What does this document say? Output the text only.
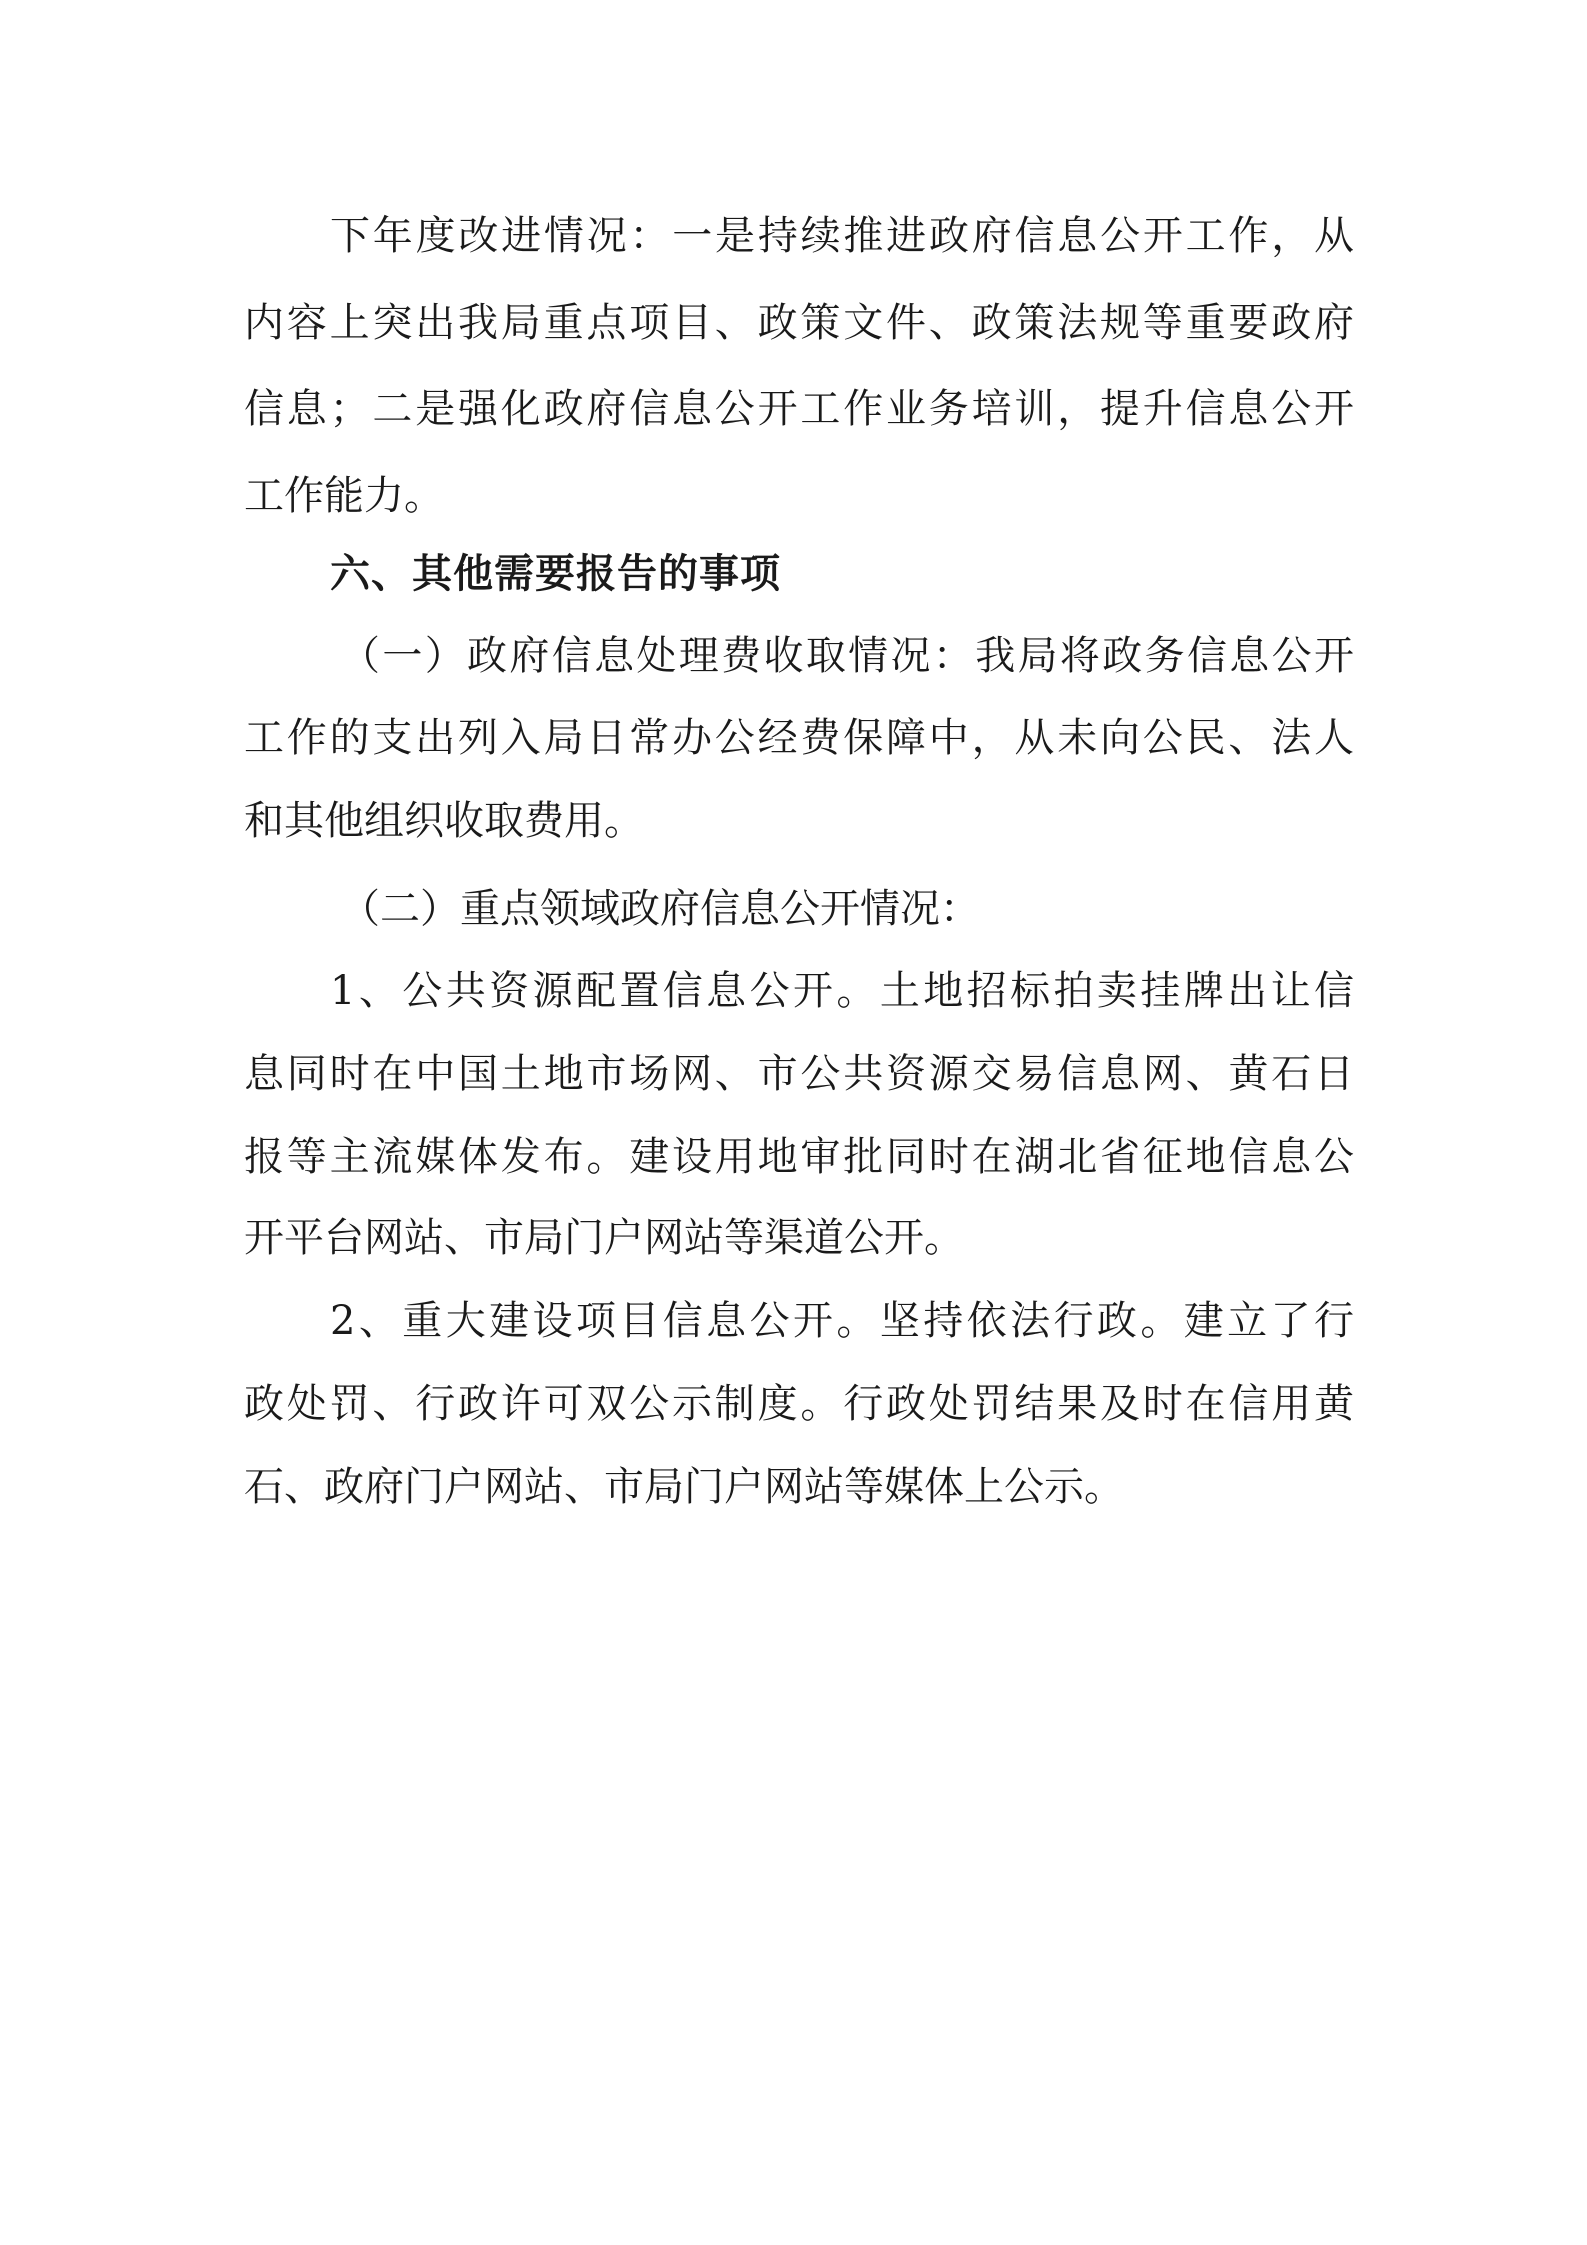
下年度改进情况：一是持续推进政府信息公开工作，从

内容上突出我局重点项目、政策文件、政策法规等重要政府

信息；二是强化政府信息公开工作业务培训，提升信息公开

工作能力。

六、其他需要报告的事项

（一）政府信息处理费收取情况：我局将政务信息公开

工作的支出列入局日常办公经费保障中，从未向公民、法人

和其他组织收取费用。

（二）重点领域政府信息公开情况：

1、公共资源配置信息公开。土地招标拍卖挂牌出让信

息同时在中国土地市场网、市公共资源交易信息网、黄石日

报等主流媒体发布。建设用地审批同时在湖北省征地信息公

开平台网站、市局门户网站等渠道公开。

2、重大建设项目信息公开。坚持依法行政。建立了行

政处罚、行政许可双公示制度。行政处罚结果及时在信用黄

石、政府门户网站、市局门户网站等媒体上公示。
